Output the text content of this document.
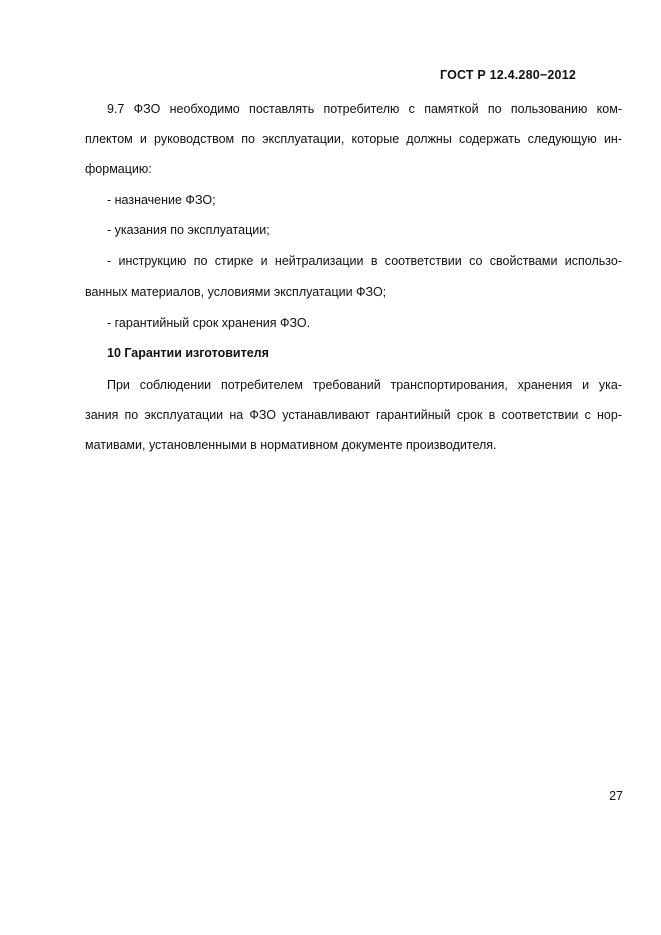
ГОСТ Р 12.4.280−2012
9.7 ФЗО необходимо поставлять потребителю с памяткой по пользованию ком-
плектом и руководством по эксплуатации, которые должны содержать следующую ин-
формацию:
- назначение ФЗО;
- указания по эксплуатации;
- инструкцию по стирке и нейтрализации в соответствии со свойствами использо-
ванных материалов, условиями эксплуатации ФЗО;
- гарантийный срок хранения ФЗО.
10 Гарантии изготовителя
При соблюдении потребителем требований транспортирования, хранения и ука-
зания по эксплуатации на ФЗО устанавливают гарантийный срок в соответствии с нор-
мативами, установленными в нормативном документе производителя.
27
